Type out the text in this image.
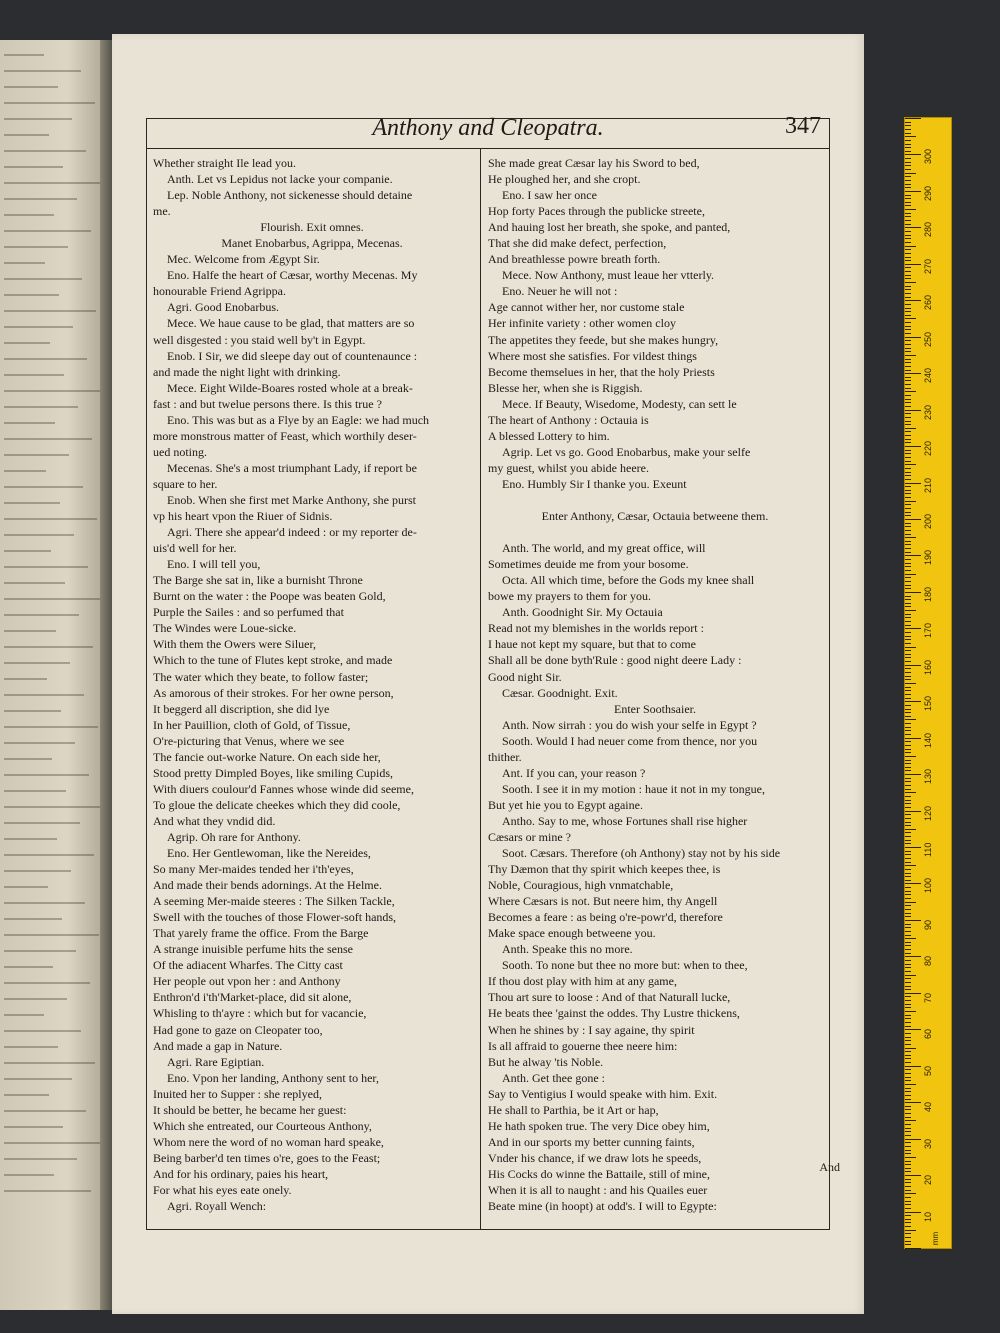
Anthony and Cleopatra.	347
Whether straight Ile lead you.
Anth. Let vs Lepidus not lacke your companie.
Lep. Noble Anthony, not sickenesse should detaine
me.
Flourish. Exit omnes.
Manet Enobarbus, Agrippa, Mecenas.
Mec. Welcome from Ægypt Sir.
Eno. Halfe the heart of Cæsar, worthy Mecenas. My
honourable Friend Agrippa.
Agri. Good Enobarbus.
Mece. We haue cause to be glad, that matters are so
well disgested : you staid well by't in Egypt.
Enob. I Sir, we did sleepe day out of countenaunce :
and made the night light with drinking.
Mece. Eight Wilde-Boares rosted whole at a break-
fast : and but twelue persons there. Is this true ?
Eno. This was but as a Flye by an Eagle: we had much
more monstrous matter of Feast, which worthily deser-
ued noting.
Mecenas. She's a most triumphant Lady, if report be
square to her.
Enob. When she first met Marke Anthony, she purst
vp his heart vpon the Riuer of Sidnis.
Agri. There she appear'd indeed : or my reporter de-
uis'd well for her.
Eno. I will tell you,
The Barge she sat in, like a burnisht Throne
Burnt on the water : the Poope was beaten Gold,
Purple the Sailes : and so perfumed that
The Windes were Loue-sicke.
With them the Owers were Siluer,
Which to the tune of Flutes kept stroke, and made
The water which they beate, to follow faster;
As amorous of their strokes. For her owne person,
It beggerd all discription, she did lye
In her Pauillion, cloth of Gold, of Tissue,
O're-picturing that Venus, where we see
The fancie out-worke Nature. On each side her,
Stood pretty Dimpled Boyes, like smiling Cupids,
With diuers coulour'd Fannes whose winde did seeme,
To gloue the delicate cheekes which they did coole,
And what they vndid did.
Agrip. Oh rare for Anthony.
Eno. Her Gentlewoman, like the Nereides,
So many Mer-maides tended her i'th'eyes,
And made their bends adornings. At the Helme.
A seeming Mer-maide steeres : The Silken Tackle,
Swell with the touches of those Flower-soft hands,
That yarely frame the office. From the Barge
A strange inuisible perfume hits the sense
Of the adiacent Wharfes. The Citty cast
Her people out vpon her : and Anthony
Enthron'd i'th'Market-place, did sit alone,
Whisling to th'ayre : which but for vacancie,
Had gone to gaze on Cleopater too,
And made a gap in Nature.
Agri. Rare Egiptian.
Eno. Vpon her landing, Anthony sent to her,
Inuited her to Supper : she replyed,
It should be better, he became her guest:
Which she entreated, our Courteous Anthony,
Whom nere the word of no woman hard speake,
Being barber'd ten times o're, goes to the Feast;
And for his ordinary, paies his heart,
For what his eyes eate onely.
Agri. Royall Wench:
She made great Cæsar lay his Sword to bed,
He ploughed her, and she cropt.
Eno. I saw her once
Hop forty Paces through the publicke streete,
And hauing lost her breath, she spoke, and panted,
That she did make defect, perfection,
And breathlesse powre breath forth.
Mece. Now Anthony, must leaue her vtterly.
Eno. Neuer he will not :
Age cannot wither her, nor custome stale
Her infinite variety : other women cloy
The appetites they feede, but she makes hungry,
Where most she satisfies. For vildest things
Become themselues in her, that the holy Priests
Blesse her, when she is Riggish.
Mece. If Beauty, Wisedome, Modesty, can sett le
The heart of Anthony : Octauia is
A blessed Lottery to him.
Agrip. Let vs go. Good Enobarbus, make your selfe
my guest, whilst you abide heere.
Eno. Humbly Sir I thanke you. Exeunt
Enter Anthony, Cæsar, Octauia betweene them.
Anth. The world, and my great office, will
Sometimes deuide me from your bosome.
Octa. All which time, before the Gods my knee shall
bowe my prayers to them for you.
Anth. Goodnight Sir. My Octauia
Read not my blemishes in the worlds report :
I haue not kept my square, but that to come
Shall all be done byth'Rule : good night deere Lady :
Good night Sir.
Cæsar. Goodnight. Exit.
Enter Soothsaier.
Anth. Now sirrah : you do wish your selfe in Egypt ?
Sooth. Would I had neuer come from thence, nor you
thither.
Ant. If you can, your reason ?
Sooth. I see it in my motion : haue it not in my tongue,
But yet hie you to Egypt againe.
Antho. Say to me, whose Fortunes shall rise higher
Cæsars or mine ?
Soot. Cæsars. Therefore (oh Anthony) stay not by his side
Thy Dæmon that thy spirit which keepes thee, is
Noble, Couragious, high vnmatchable,
Where Cæsars is not. But neere him, thy Angell
Becomes a feare : as being o're-powr'd, therefore
Make space enough betweene you.
Anth. Speake this no more.
Sooth. To none but thee no more but: when to thee,
If thou dost play with him at any game,
Thou art sure to loose : And of that Naturall lucke,
He beats thee 'gainst the oddes. Thy Lustre thickens,
When he shines by : I say againe, thy spirit
Is all affraid to gouerne thee neere him:
But he alway 'tis Noble.
Anth. Get thee gone :
Say to Ventigius I would speake with him. Exit.
He shall to Parthia, be it Art or hap,
He hath spoken true. The very Dice obey him,
And in our sports my better cunning faints,
Vnder his chance, if we draw lots he speeds,
His Cocks do winne the Battaile, still of mine,
When it is all to naught : and his Quailes euer
Beate mine (in hoopt) at odd's. I will to Egypte:
And
300
290
280
270
260
250
240
230
220
210
200
190
180
170
160
150
140
130
120
110
100
90
80
70
60
50
40
30
20
10
mm
